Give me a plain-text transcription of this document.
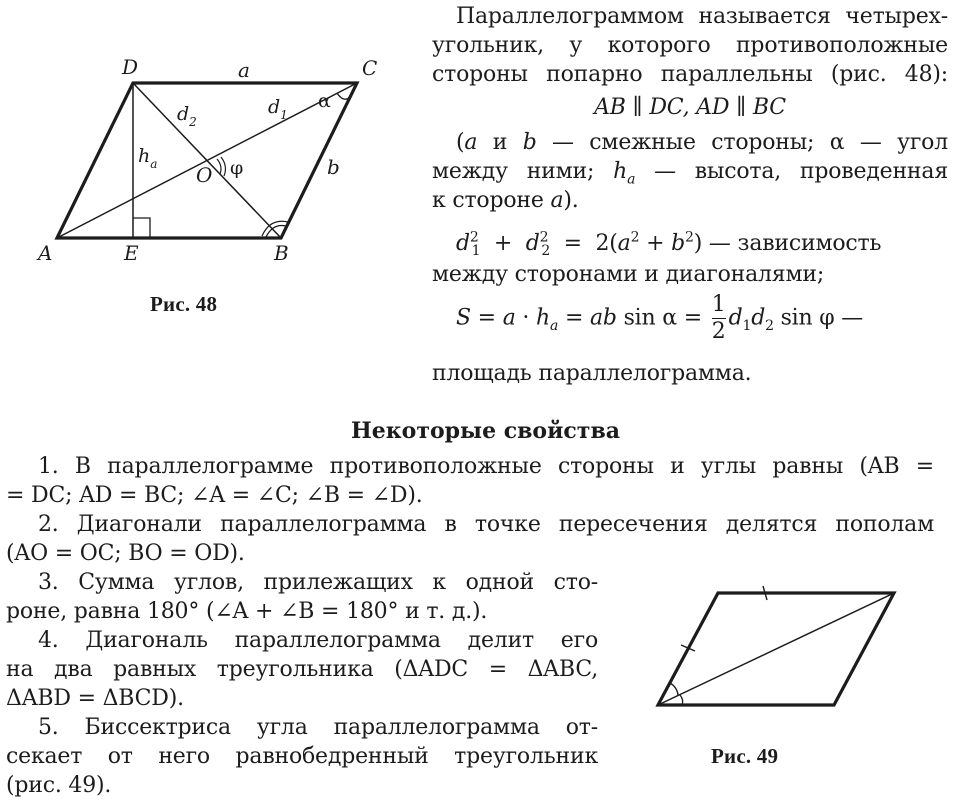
D	C
A	E	B
O
a
b
$d_2$
$d_1$
$h_a$
α
φ
Рис. 48
Параллелограммом называется четырех-
угольник, у которого противоположные
стороны попарно параллельны (рис. 48):
AB ∥ DC, AD ∥ BC
(a и b — смежные стороны; α — угол
между ними; $h_a$ — высота, проведенная
к стороне a).
$d^2_1 + d^2_2 = 2(a^2 + b^2)$ — зависимость
между сторонами и диагоналями;
$S = a \cdot h_a$ = ab $\sin \alpha = \frac{1}{2} d_1d_2$ sin φ —
площадь параллелограмма.
Некоторые свойства
1. В параллелограмме противоположные стороны и углы равны (AB =
= DC; AD = BC; ∠A = ∠C; ∠B = ∠D).
2. Диагонали параллелограмма в точке пересечения делятся пополам
(AO = OC; BO = OD).
3. Сумма углов, прилежащих к одной сто-
роне, равна 180° (∠A + ∠B = 180° и т. д.).
4. Диагональ параллелограмма делит его
на два равных треугольника (ΔADC = ΔABC,
ΔABD = ΔBCD).
5. Биссектриса угла параллелограмма от-
секает от него равнобедренный треугольник
(рис. 49).
Рис. 49
